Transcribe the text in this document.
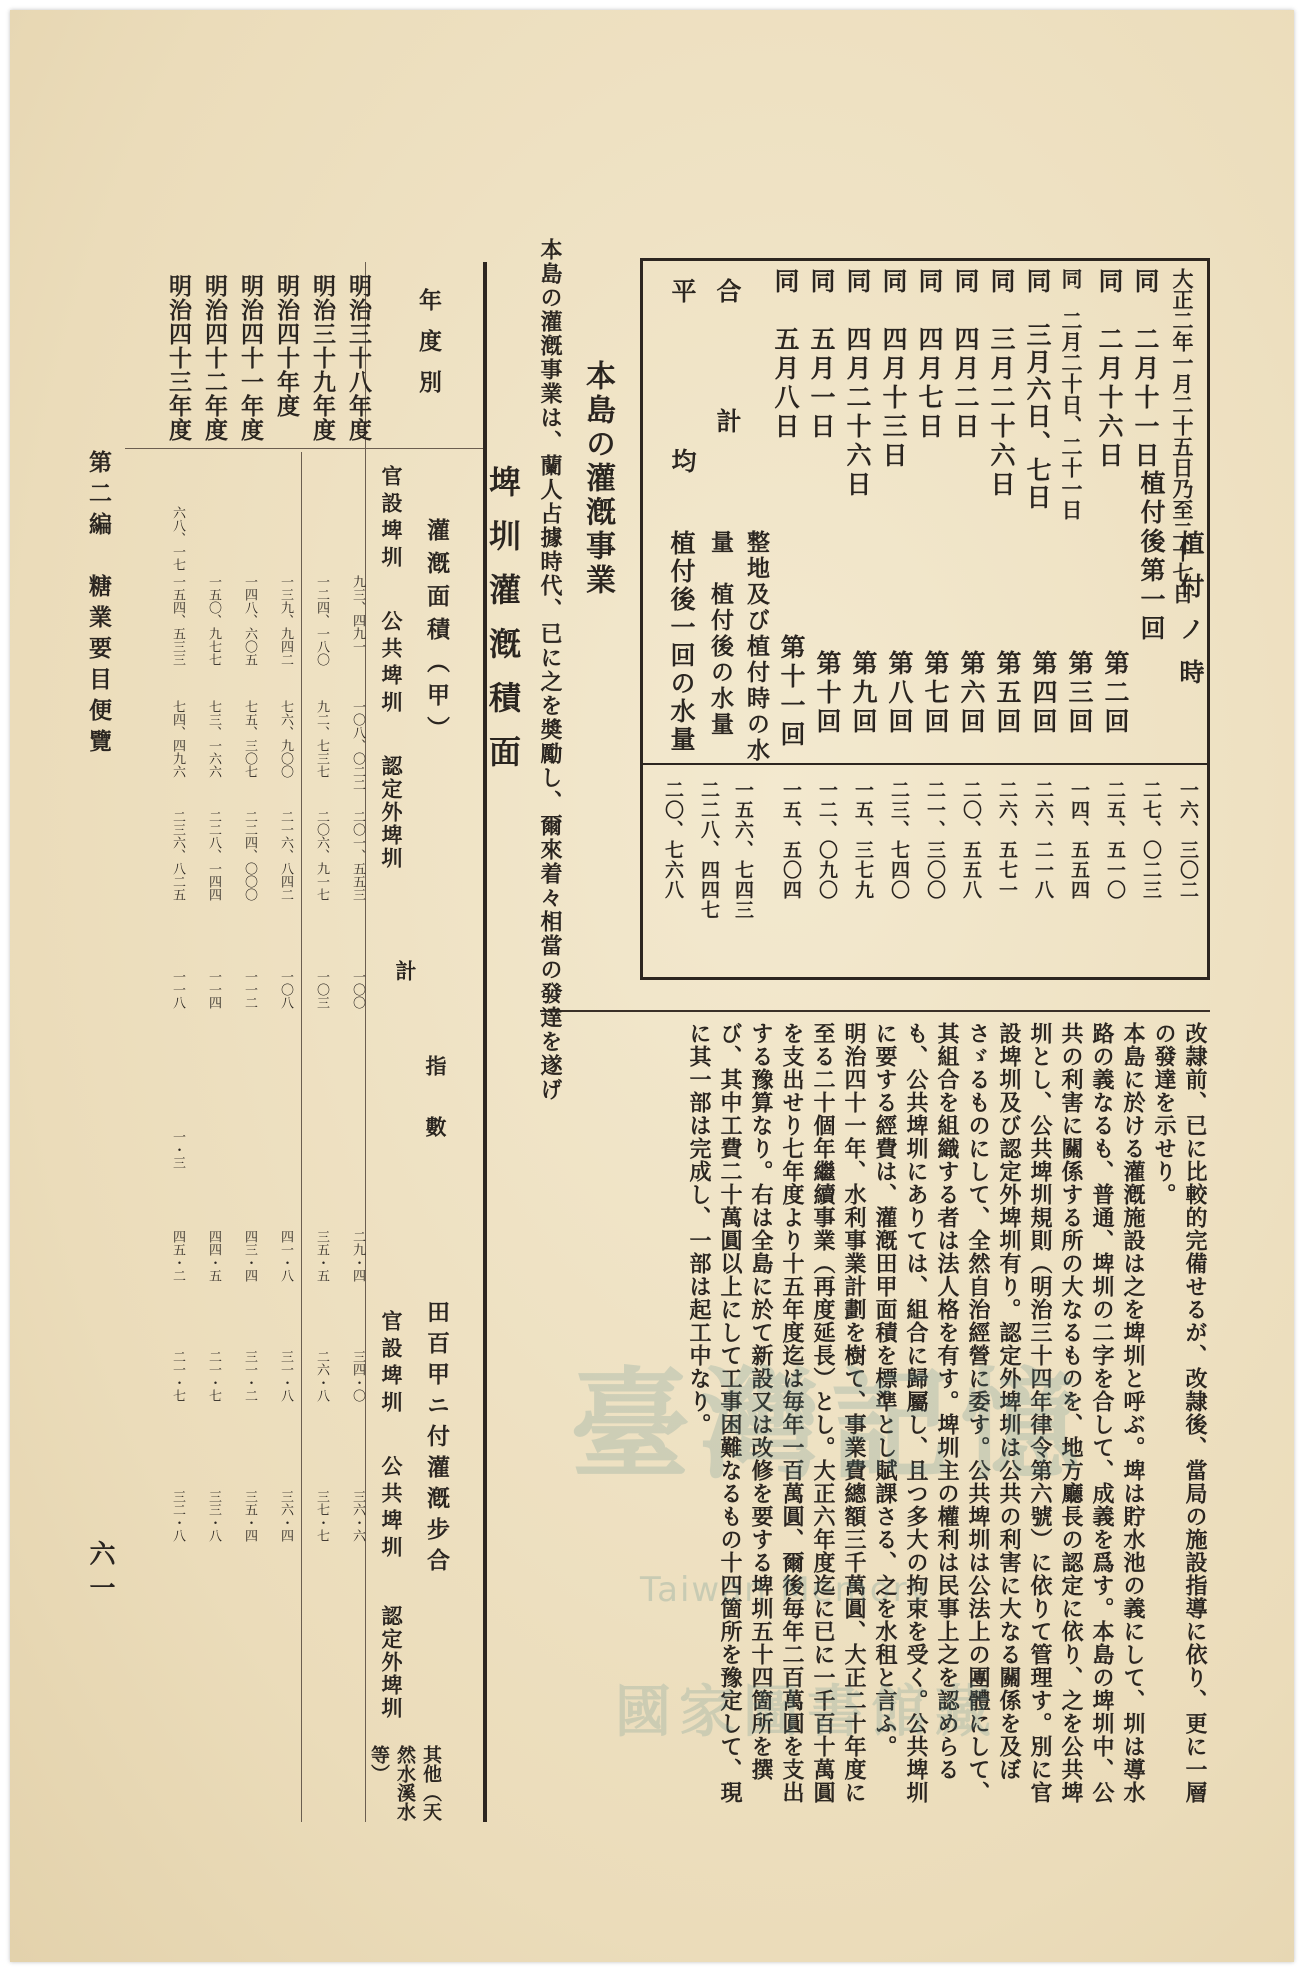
大正二年一月二十五日乃至二十七日
同　二月十一日
同　二月十六日
同　二月二十日、二十一日
同　三月六日、七日
同　三月二十六日
同　四月二日
同　四月七日
同　四月十三日
同　四月二十六日
同　五月一日
同　五月八日
合　計
平　均
植付ノ時
植付後第一回
第二回
第三回
第四回
第五回
第六回
第七回
第八回
第九回
第十回
第十一回
整地及び植付時の水量　植付後の水量
植付後一回の水量
一六、三〇二
二七、〇二三
二五、五一〇
一四、五五四
二六、二一八
二六、五七一
二〇、五五八
二一、三〇〇
二三、七四〇
一五、三七九
一二、〇九〇
一五、五〇四
一五六、七四三
二二八、四四七
二〇、七六八
改隷前、已に比較的完備せるが、改隷後、當局の施設指導に依り、更に一層の發達を示せり。
本島に於ける灌漑施設は之を埤圳と呼ぶ。埤は貯水池の義にして、圳は導水路の義なるも、普通、埤圳の二字を合して、成義を爲す。本島の埤圳中、公共の利害に關係する所の大なるものを、地方廳長の認定に依り、之を公共埤圳とし、公共埤圳規則（明治三十四年律令第六號）に依りて管理す。別に官設埤圳及び認定外埤圳有り。認定外埤圳は公共の利害に大なる關係を及ぼさゞるものにして、全然自治經營に委す。公共埤圳は公法上の團體にして、其組合を組織する者は法人格を有す。埤圳主の權利は民事上之を認めらるも、公共埤圳にありては、組合に歸屬し、且つ多大の拘束を受く。公共埤圳に要する經費は、灌漑田甲面積を標準とし賦課さる、之を水租と言ふ。
明治四十一年、水利事業計劃を樹て、事業費總額三千萬圓、大正二十年度に至る二十個年繼續事業（再度延長）とし。大正六年度迄に已に一千百十萬圓を支出せり七年度より十五年度迄は毎年一百萬圓、爾後毎年二百萬圓を支出する豫算なり。右は全島に於て新設又は改修を要する埤圳五十四箇所を撰び、其中工費二十萬圓以上にして工事困難なるもの十四箇所を豫定して、現に其一部は完成し、一部は起工中なり。
本島の灌漑事業
本島の灌漑事業は、蘭人占據時代、已に之を奬勵し、爾來着々相當の發達を遂げ
埤圳灌漑積面
年度別
灌漑面積（甲）
田百甲ニ付灌漑步合
官設埤圳
公共埤圳
認定外埤圳
計
指數
官設埤圳
公共埤圳
認定外埤圳
其他（天然水溪水等）
明治三十八年度
明治三十九年度
明治四十年度
明治四十一年度
明治四十二年度
明治四十三年度
九三、四九一
一〇八、〇二二
二〇一、五五三
一〇〇
二九・四
三四・〇
三六・六
一二四、一八〇
九二、七三七
二〇六、九一七
一〇三
三五・五
二六・八
三七・七
一三九、九四二
七六、九〇〇
二一六、八四二
一〇八
四一・八
三一・八
三六・四
一四八、六〇五
七五、三〇七
二二四、〇〇〇
一一二
四三・四
三一・二
三五・四
一五〇、九七七
七三、一六六
二二八、一四四
一一四
四四・五
二一・七
三三・八
六八、一七
一五四、五三三
七四、四九六
二三六、八二五
一一八
一・三
四五・二
二一・七
三二・八
第二編　糖業要目便覽
六一
臺灣記憶
Taiwan Memory
國家圖書館藏
